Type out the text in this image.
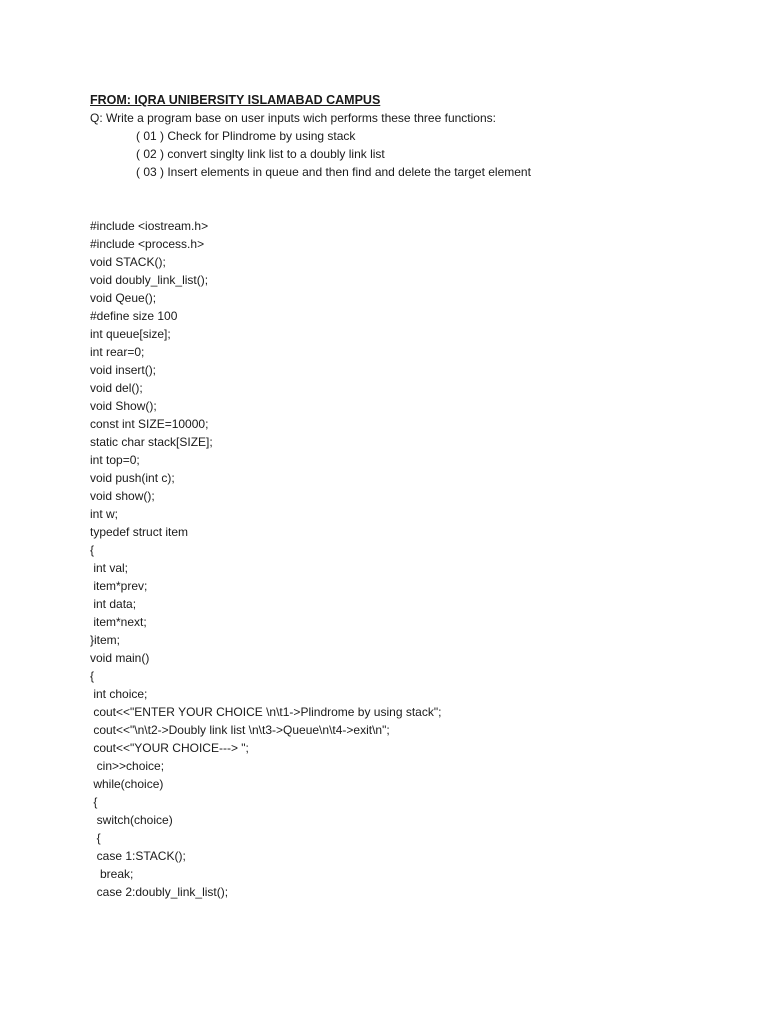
FROM: IQRA UNIBERSITY ISLAMABAD CAMPUS
Q: Write a program base on user inputs wich performs these three functions:
( 01 ) Check for Plindrome by using stack
( 02 ) convert singlty link list to a doubly link list
( 03 ) Insert elements in queue and then find and delete the target element
#include <iostream.h>
#include <process.h>
void STACK();
void doubly_link_list();
void Qeue();
#define size 100
int queue[size];
int rear=0;
void insert();
void del();
void Show();
const int SIZE=10000;
static char stack[SIZE];
int top=0;
void push(int c);
void show();
int w;
typedef struct item
{
int val;
item*prev;
int data;
item*next;
}item;
void main()
{
int choice;
cout<<"ENTER YOUR CHOICE \n\t1->Plindrome by using stack";
cout<<"\n\t2->Doubly link list \n\t3->Queue\n\t4->exit\n";
cout<<"YOUR CHOICE---> ";
cin>>choice;
while(choice)
{
switch(choice)
{
case 1:STACK();
break;
case 2:doubly_link_list();
